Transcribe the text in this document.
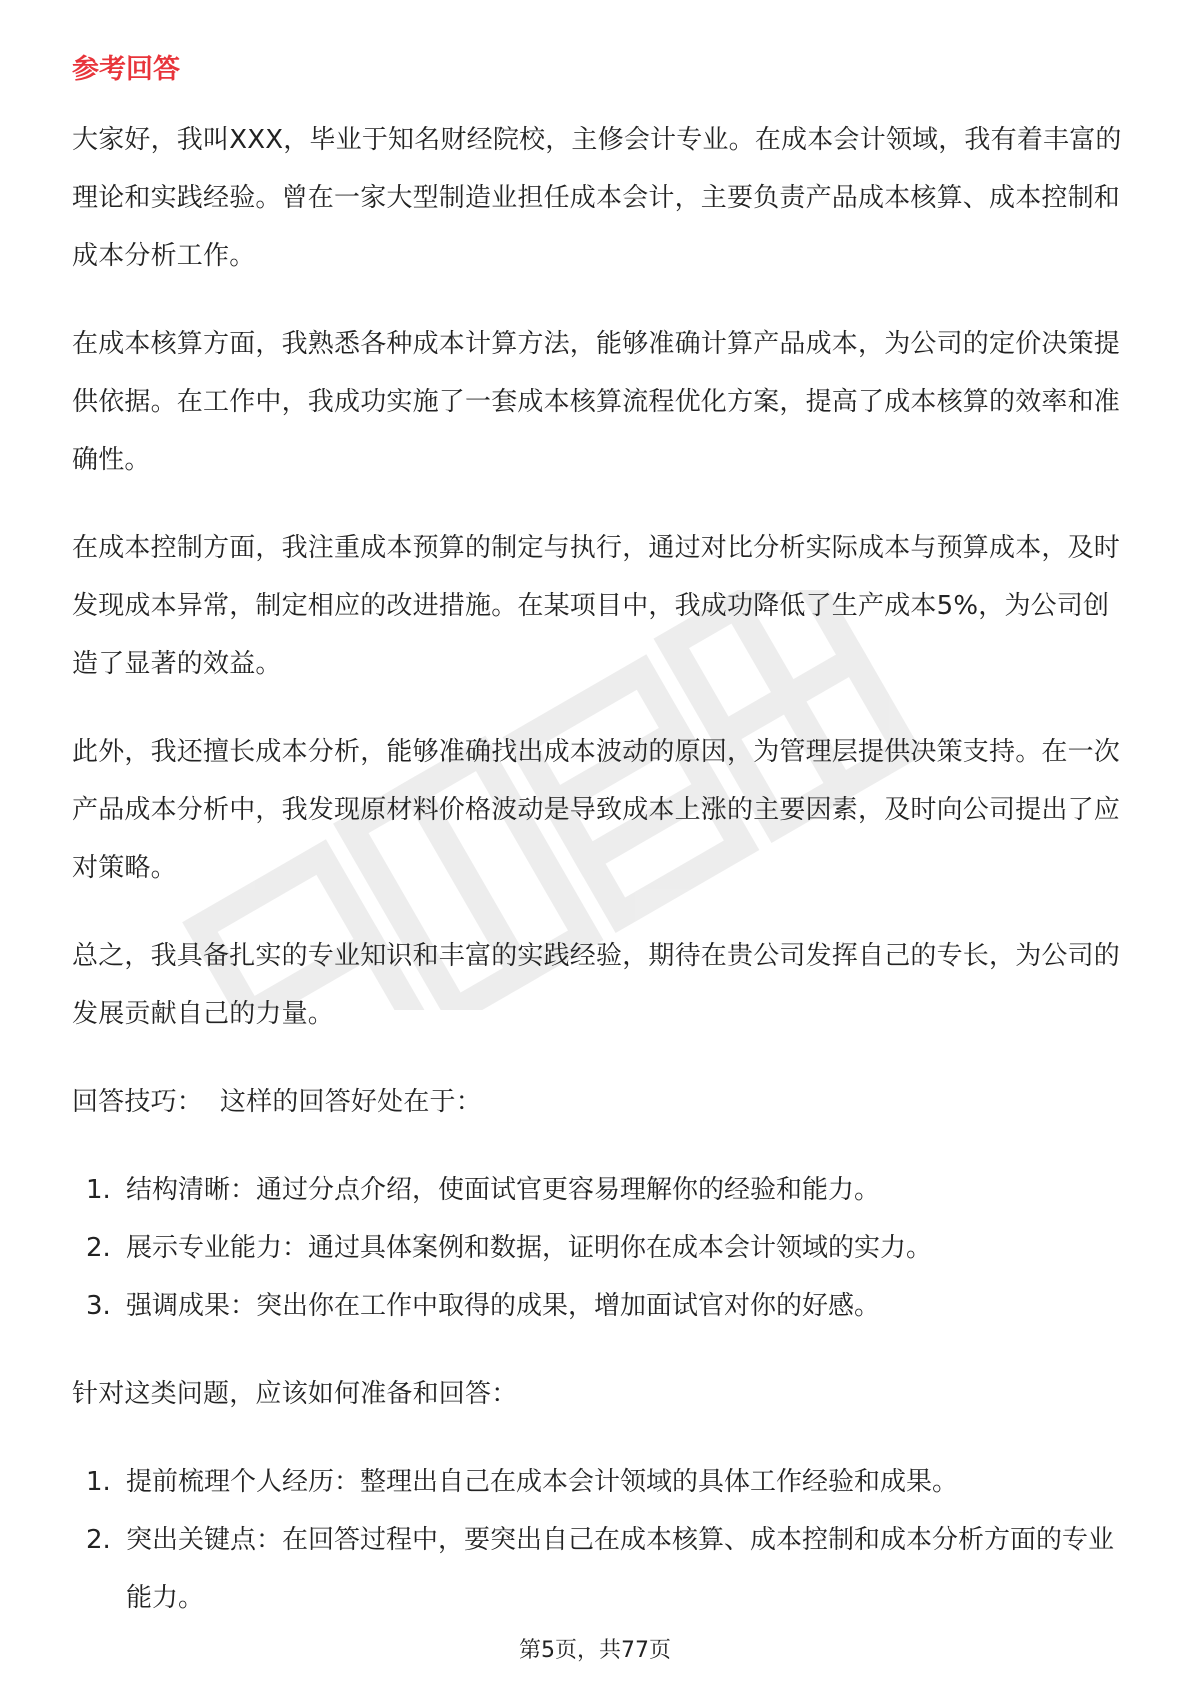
参考回答

大家好，我叫XXX，毕业于知名财经院校，主修会计专业。在成本会计领域，我有着丰富的理论和实践经验。曾在一家大型制造业担任成本会计，主要负责产品成本核算、成本控制和成本分析工作。

在成本核算方面，我熟悉各种成本计算方法，能够准确计算产品成本，为公司的定价决策提供依据。在工作中，我成功实施了一套成本核算流程优化方案，提高了成本核算的效率和准确性。

在成本控制方面，我注重成本预算的制定与执行，通过对比分析实际成本与预算成本，及时发现成本异常，制定相应的改进措施。在某项目中，我成功降低了生产成本5%，为公司创造了显著的效益。

此外，我还擅长成本分析，能够准确找出成本波动的原因，为管理层提供决策支持。在一次产品成本分析中，我发现原材料价格波动是导致成本上涨的主要因素，及时向公司提出了应对策略。

总之，我具备扎实的专业知识和丰富的实践经验，期待在贵公司发挥自己的专长，为公司的发展贡献自己的力量。

回答技巧：  这样的回答好处在于：

1. 结构清晰：通过分点介绍，使面试官更容易理解你的经验和能力。
2. 展示专业能力：通过具体案例和数据，证明你在成本会计领域的实力。
3. 强调成果：突出你在工作中取得的成果，增加面试官对你的好感。

针对这类问题，应该如何准备和回答：

1. 提前梳理个人经历：整理出自己在成本会计领域的具体工作经验和成果。
2. 突出关键点：在回答过程中，要突出自己在成本核算、成本控制和成本分析方面的专业能力。
第5页，共77页
